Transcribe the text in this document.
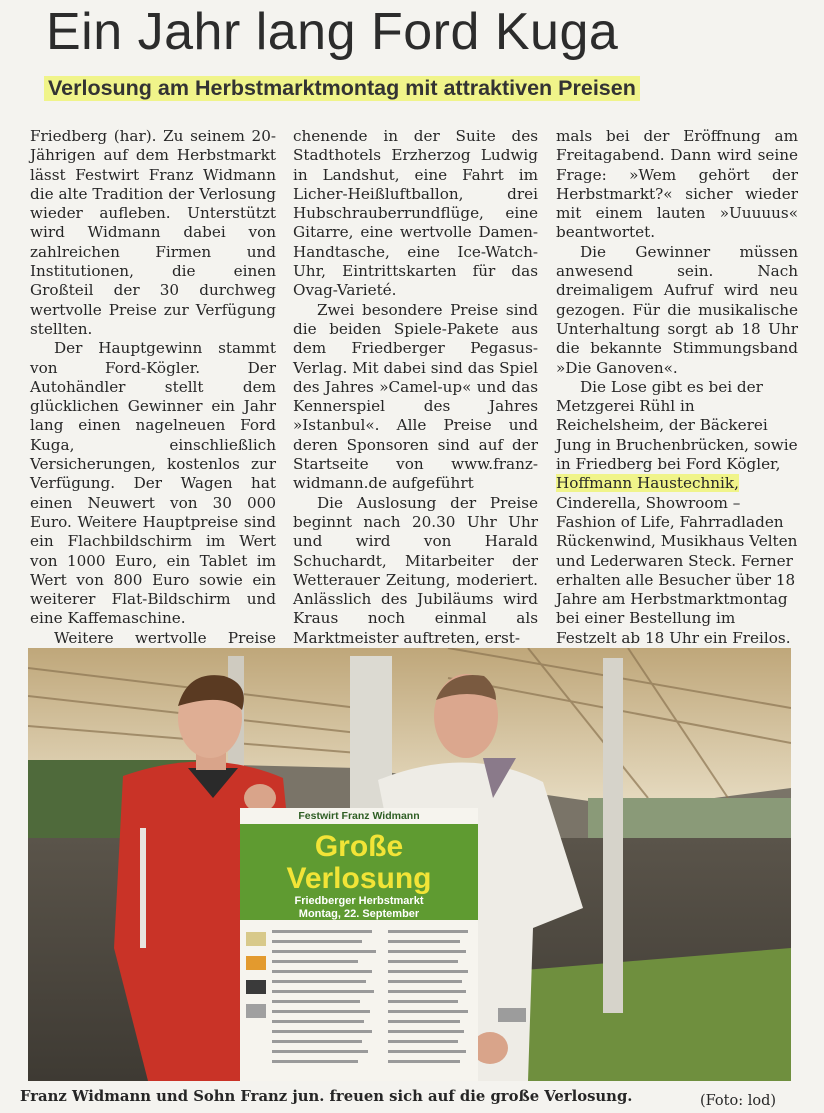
Ein Jahr lang Ford Kuga
Verlosung am Herbstmarktmontag mit attraktiven Preisen

Friedberg (har). Zu seinem 20-Jährigen auf dem Herbstmarkt lässt Festwirt Franz Widmann die alte Tradition der Verlosung wieder aufleben. Unterstützt wird Widmann dabei von zahlreichen Firmen und Institutionen, die einen Großteil der 30 durchweg wertvolle Preise zur Verfügung stellten.

Der Hauptgewinn stammt von Ford-Kögler. Der Autohändler stellt dem glücklichen Gewinner ein Jahr lang einen nagelneuen Ford Kuga, einschließlich Versicherungen, kostenlos zur Verfügung. Der Wagen hat einen Neuwert von 30 000 Euro. Weitere Hauptpreise sind ein Flachbildschirm im Wert von 1000 Euro, ein Tablet im Wert von 800 Euro sowie ein weiterer Flat-Bildschirm und eine Kaffemaschine.

Weitere wertvolle Preise

chenende in der Suite des Stadthotels Erzherzog Ludwig in Landshut, eine Fahrt im Licher-Heißluftballon, drei Hubschrauberrundflüge, eine Gitarre, eine wertvolle Damen-Handtasche, eine Ice-Watch-Uhr, Eintrittskarten für das Ovag-Varieté.

Zwei besondere Preise sind die beiden Spiele-Pakete aus dem Friedberger Pegasus-Verlag. Mit dabei sind das Spiel des Jahres »Camel-up« und das Kennerspiel des Jahres »Istanbul«. Alle Preise und deren Sponsoren sind auf der Startseite von www.franz-widmann.de aufgeführt

Die Auslosung der Preise beginnt nach 20.30 Uhr Uhr und wird von Harald Schuchardt, Mitarbeiter der Wetterauer Zeitung, moderiert. Anlässlich des Jubiläums wird Kraus noch einmal als Marktmeister auftreten, erst-

mals bei der Eröffnung am Freitagabend. Dann wird seine Frage: »Wem gehört der Herbstmarkt?« sicher wieder mit einem lauten »Uuuuus« beantwortet.

Die Gewinner müssen anwesend sein. Nach dreimaligem Aufruf wird neu gezogen. Für die musikalische Unterhaltung sorgt ab 18 Uhr die bekannte Stimmungsband »Die Ganoven«.

Die Lose gibt es bei der Metzgerei Rühl in Reichelsheim, der Bäckerei Jung in Bruchenbrücken, sowie in Friedberg bei Ford Kögler, Hoffmann Haustechnik, Cinderella, Showroom – Fashion of Life, Fahrradladen Rückenwind, Musikhaus Velten und Lederwaren Steck. Ferner erhalten alle Besucher über 18 Jahre am Herbstmarktmontag bei einer Bestellung im Festzelt ab 18 Uhr ein Freilos.

Festwirt Franz Widmann
Große
Verlosung
Friedberger Herbstmarkt
Montag, 22. September

Franz Widmann und Sohn Franz jun. freuen sich auf die große Verlosung.	(Foto: lod)
